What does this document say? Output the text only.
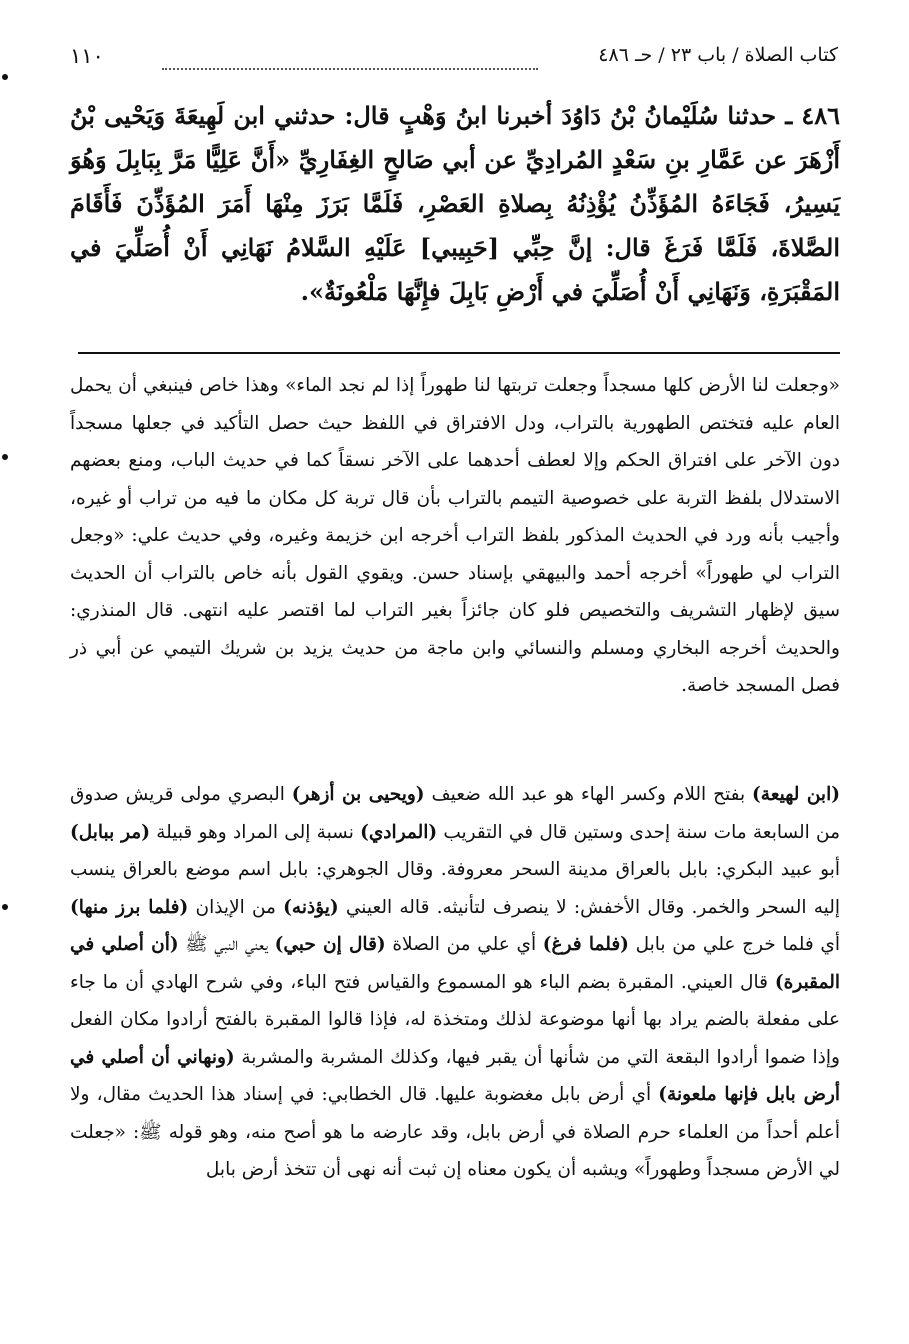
كتاب الصلاة / باب ٢٣ / حـ ٤٨٦
١١٠
٤٨٦ ـ حدثنا سُلَيْمانُ بْنُ دَاوُدَ أخبرنا ابنُ وَهْبٍ قال: حدثني ابن لَهِيعَةَ وَيَحْيى بْنُ أَزْهَرَ عن عَمَّارِ بنِ سَعْدٍ المُرادِيِّ عن أبي صَالحٍ الغِفَارِيِّ «أَنَّ عَلِيًّا مَرَّ بِبَابِلَ وَهُوَ يَسِيرُ، فَجَاءَهُ المُؤَذِّنُ يُؤْذِنُهُ بِصلاةِ العَصْرِ، فَلَمَّا بَرَزَ مِنْهَا أَمَرَ المُؤَذِّنَ فَأَقَامَ الصَّلاةَ، فَلَمَّا فَرَغَ قال: إنَّ حِبِّي [حَبِيبي] عَلَيْهِ السَّلامُ نَهَانِي أَنْ أُصَلِّيَ في المَقْبَرَةِ، وَنَهَانِي أَنْ أُصَلِّيَ في أَرْضِ بَابِلَ فإِنَّهَا مَلْعُونَةٌ».

«وجعلت لنا الأرض كلها مسجداً وجعلت تربتها لنا طهوراً إذا لم نجد الماء» وهذا خاص فينبغي أن يحمل العام عليه فتختص الطهورية بالتراب، ودل الافتراق في اللفظ حيث حصل التأكيد في جعلها مسجداً دون الآخر على افتراق الحكم وإلا لعطف أحدهما على الآخر نسقاً كما في حديث الباب، ومنع بعضهم الاستدلال بلفظ التربة على خصوصية التيمم بالتراب بأن قال تربة كل مكان ما فيه من تراب أو غيره، وأجيب بأنه ورد في الحديث المذكور بلفظ التراب أخرجه ابن خزيمة وغيره، وفي حديث علي: «وجعل التراب لي طهوراً» أخرجه أحمد والبيهقي بإسناد حسن. ويقوي القول بأنه خاص بالتراب أن الحديث سيق لإظهار التشريف والتخصيص فلو كان جائزاً بغير التراب لما اقتصر عليه انتهى. قال المنذري: والحديث أخرجه البخاري ومسلم والنسائي وابن ماجة من حديث يزيد بن شريك التيمي عن أبي ذر فصل المسجد خاصة.

(ابن لهيعة) بفتح اللام وكسر الهاء هو عبد الله ضعيف (ويحيى بن أزهر) البصري مولى قريش صدوق من السابعة مات سنة إحدى وستين قال في التقريب (المرادي) نسبة إلى المراد وهو قبيلة (مر ببابل) أبو عبيد البكري: بابل بالعراق مدينة السحر معروفة. وقال الجوهري: بابل اسم موضع بالعراق ينسب إليه السحر والخمر. وقال الأخفش: لا ينصرف لتأنيثه. قاله العيني (يؤذنه) من الإيذان (فلما برز منها) أي فلما خرج علي من بابل (فلما فرغ) أي علي من الصلاة (قال إن حبي) يعني النبي ﷺ (أن أصلي في المقبرة) قال العيني. المقبرة بضم الباء هو المسموع والقياس فتح الباء، وفي شرح الهادي أن ما جاء على مفعلة بالضم يراد بها أنها موضوعة لذلك ومتخذة له، فإذا قالوا المقبرة بالفتح أرادوا مكان الفعل وإذا ضموا أرادوا البقعة التي من شأنها أن يقبر فيها، وكذلك المشربة والمشربة (ونهاني أن أصلي في أرض بابل فإنها ملعونة) أي أرض بابل مغضوبة عليها. قال الخطابي: في إسناد هذا الحديث مقال، ولا أعلم أحداً من العلماء حرم الصلاة في أرض بابل، وقد عارضه ما هو أصح منه، وهو قوله ﷺ: «جعلت لي الأرض مسجداً وطهوراً» ويشبه أن يكون معناه إن ثبت أنه نهى أن تتخذ أرض بابل
